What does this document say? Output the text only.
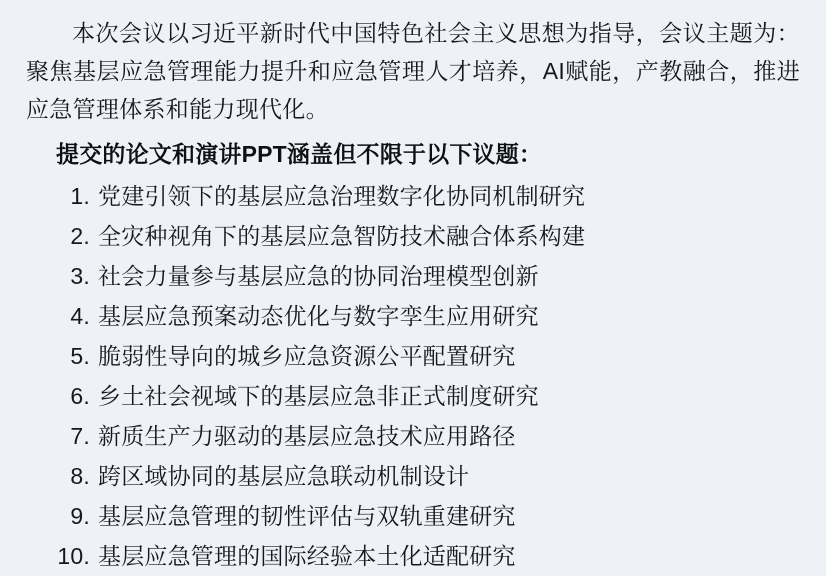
本次会议以习近平新时代中国特色社会主义思想为指导，会议主题为：聚焦基层应急管理能力提升和应急管理人才培养，AI赋能，产教融合，推进应急管理体系和能力现代化。

提交的论文和演讲PPT涵盖但不限于以下议题：
1. 党建引领下的基层应急治理数字化协同机制研究
2. 全灾种视角下的基层应急智防技术融合体系构建
3. 社会力量参与基层应急的协同治理模型创新
4. 基层应急预案动态优化与数字孪生应用研究
5. 脆弱性导向的城乡应急资源公平配置研究
6. 乡土社会视域下的基层应急非正式制度研究
7. 新质生产力驱动的基层应急技术应用路径
8. 跨区域协同的基层应急联动机制设计
9. 基层应急管理的韧性评估与双轨重建研究
10. 基层应急管理的国际经验本土化适配研究
